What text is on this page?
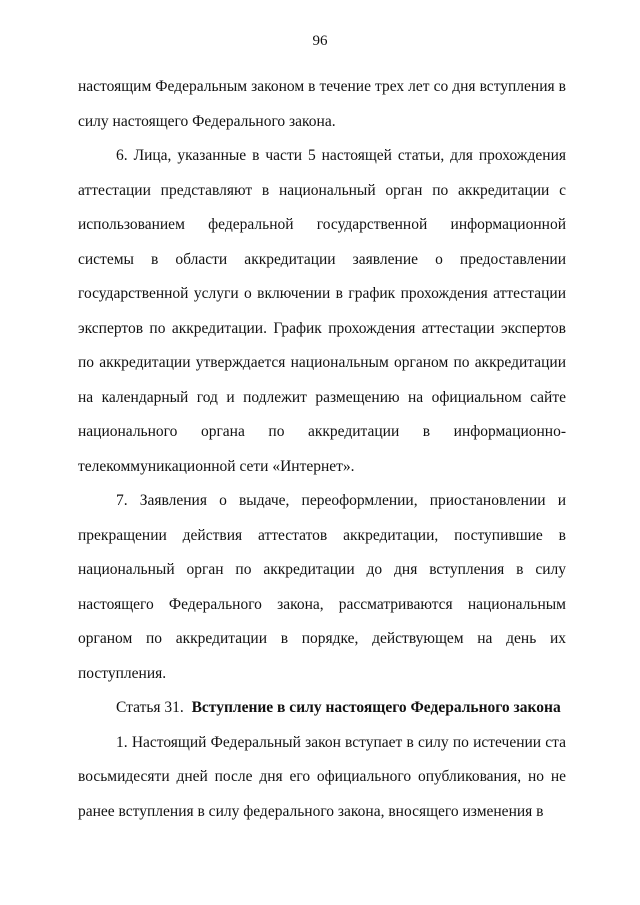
96

настоящим Федеральным законом в течение трех лет со дня вступления в силу настоящего Федерального закона.

6. Лица, указанные в части 5 настоящей статьи, для прохождения аттестации представляют в национальный орган по аккредитации с использованием федеральной государственной информационной системы в области аккредитации заявление о предоставлении государственной услуги о включении в график прохождения аттестации экспертов по аккредитации. График прохождения аттестации экспертов по аккредитации утверждается национальным органом по аккредитации на календарный год и подлежит размещению на официальном сайте национального органа по аккредитации в информационно-телекоммуникационной сети «Интернет».

7. Заявления о выдаче, переоформлении, приостановлении и прекращении действия аттестатов аккредитации, поступившие в национальный орган по аккредитации до дня вступления в силу настоящего Федерального закона, рассматриваются национальным органом по аккредитации в порядке, действующем на день их поступления.

Статья 31. Вступление в силу настоящего Федерального закона

1. Настоящий Федеральный закон вступает в силу по истечении ста восьмидесяти дней после дня его официального опубликования, но не ранее вступления в силу федерального закона, вносящего изменения в
